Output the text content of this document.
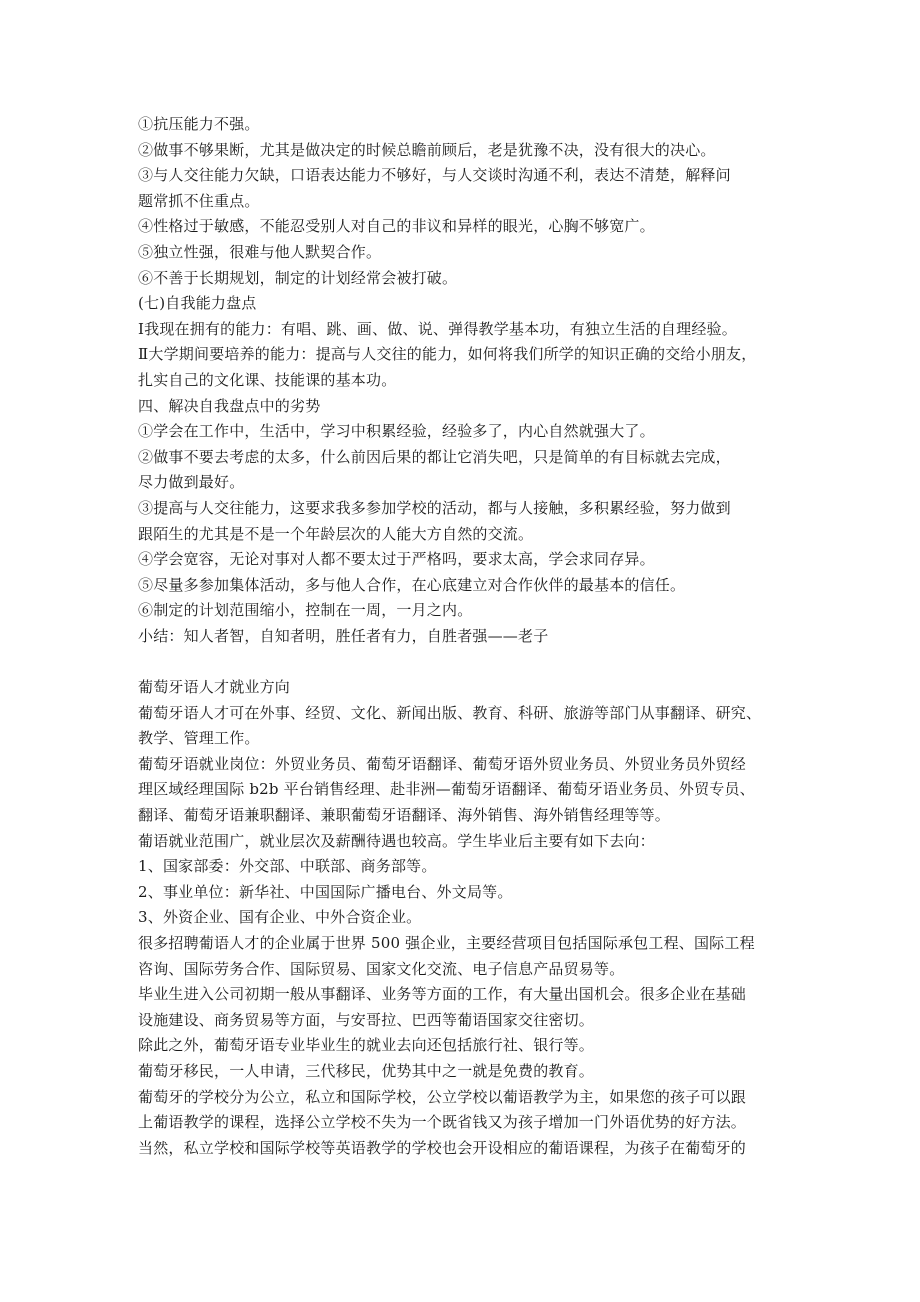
①抗压能力不强。
②做事不够果断，尤其是做决定的时候总瞻前顾后，老是犹豫不决，没有很大的决心。
③与人交往能力欠缺，口语表达能力不够好，与人交谈时沟通不利，表达不清楚，解释问
题常抓不住重点。
④性格过于敏感，不能忍受别人对自己的非议和异样的眼光，心胸不够宽广。
⑤独立性强，很难与他人默契合作。
⑥不善于长期规划，制定的计划经常会被打破。
(七)自我能力盘点
Ⅰ我现在拥有的能力：有唱、跳、画、做、说、弹得教学基本功，有独立生活的自理经验。
Ⅱ大学期间要培养的能力：提高与人交往的能力，如何将我们所学的知识正确的交给小朋友，
扎实自己的文化课、技能课的基本功。
四、解决自我盘点中的劣势
①学会在工作中，生活中，学习中积累经验，经验多了，内心自然就强大了。
②做事不要去考虑的太多，什么前因后果的都让它消失吧，只是简单的有目标就去完成，
尽力做到最好。
③提高与人交往能力，这要求我多参加学校的活动，都与人接触，多积累经验，努力做到
跟陌生的尤其是不是一个年龄层次的人能大方自然的交流。
④学会宽容，无论对事对人都不要太过于严格吗，要求太高，学会求同存异。
⑤尽量多参加集体活动，多与他人合作，在心底建立对合作伙伴的最基本的信任。
⑥制定的计划范围缩小，控制在一周，一月之内。
小结：知人者智，自知者明，胜任者有力，自胜者强——老子
葡萄牙语人才就业方向
葡萄牙语人才可在外事、经贸、文化、新闻出版、教育、科研、旅游等部门从事翻译、研究、
教学、管理工作。
葡萄牙语就业岗位：外贸业务员、葡萄牙语翻译、葡萄牙语外贸业务员、外贸业务员外贸经
理区域经理国际 b2b 平台销售经理、赴非洲—葡萄牙语翻译、葡萄牙语业务员、外贸专员、
翻译、葡萄牙语兼职翻译、兼职葡萄牙语翻译、海外销售、海外销售经理等等。
葡语就业范围广，就业层次及薪酬待遇也较高。学生毕业后主要有如下去向：
1、国家部委：外交部、中联部、商务部等。
2、事业单位：新华社、中国国际广播电台、外文局等。
3、外资企业、国有企业、中外合资企业。
很多招聘葡语人才的企业属于世界 500 强企业，主要经营项目包括国际承包工程、国际工程
咨询、国际劳务合作、国际贸易、国家文化交流、电子信息产品贸易等。
毕业生进入公司初期一般从事翻译、业务等方面的工作，有大量出国机会。很多企业在基础
设施建设、商务贸易等方面，与安哥拉、巴西等葡语国家交往密切。
除此之外，葡萄牙语专业毕业生的就业去向还包括旅行社、银行等。
葡萄牙移民，一人申请，三代移民，优势其中之一就是免费的教育。
葡萄牙的学校分为公立，私立和国际学校，公立学校以葡语教学为主，如果您的孩子可以跟
上葡语教学的课程，选择公立学校不失为一个既省钱又为孩子增加一门外语优势的好方法。
当然，私立学校和国际学校等英语教学的学校也会开设相应的葡语课程，为孩子在葡萄牙的
